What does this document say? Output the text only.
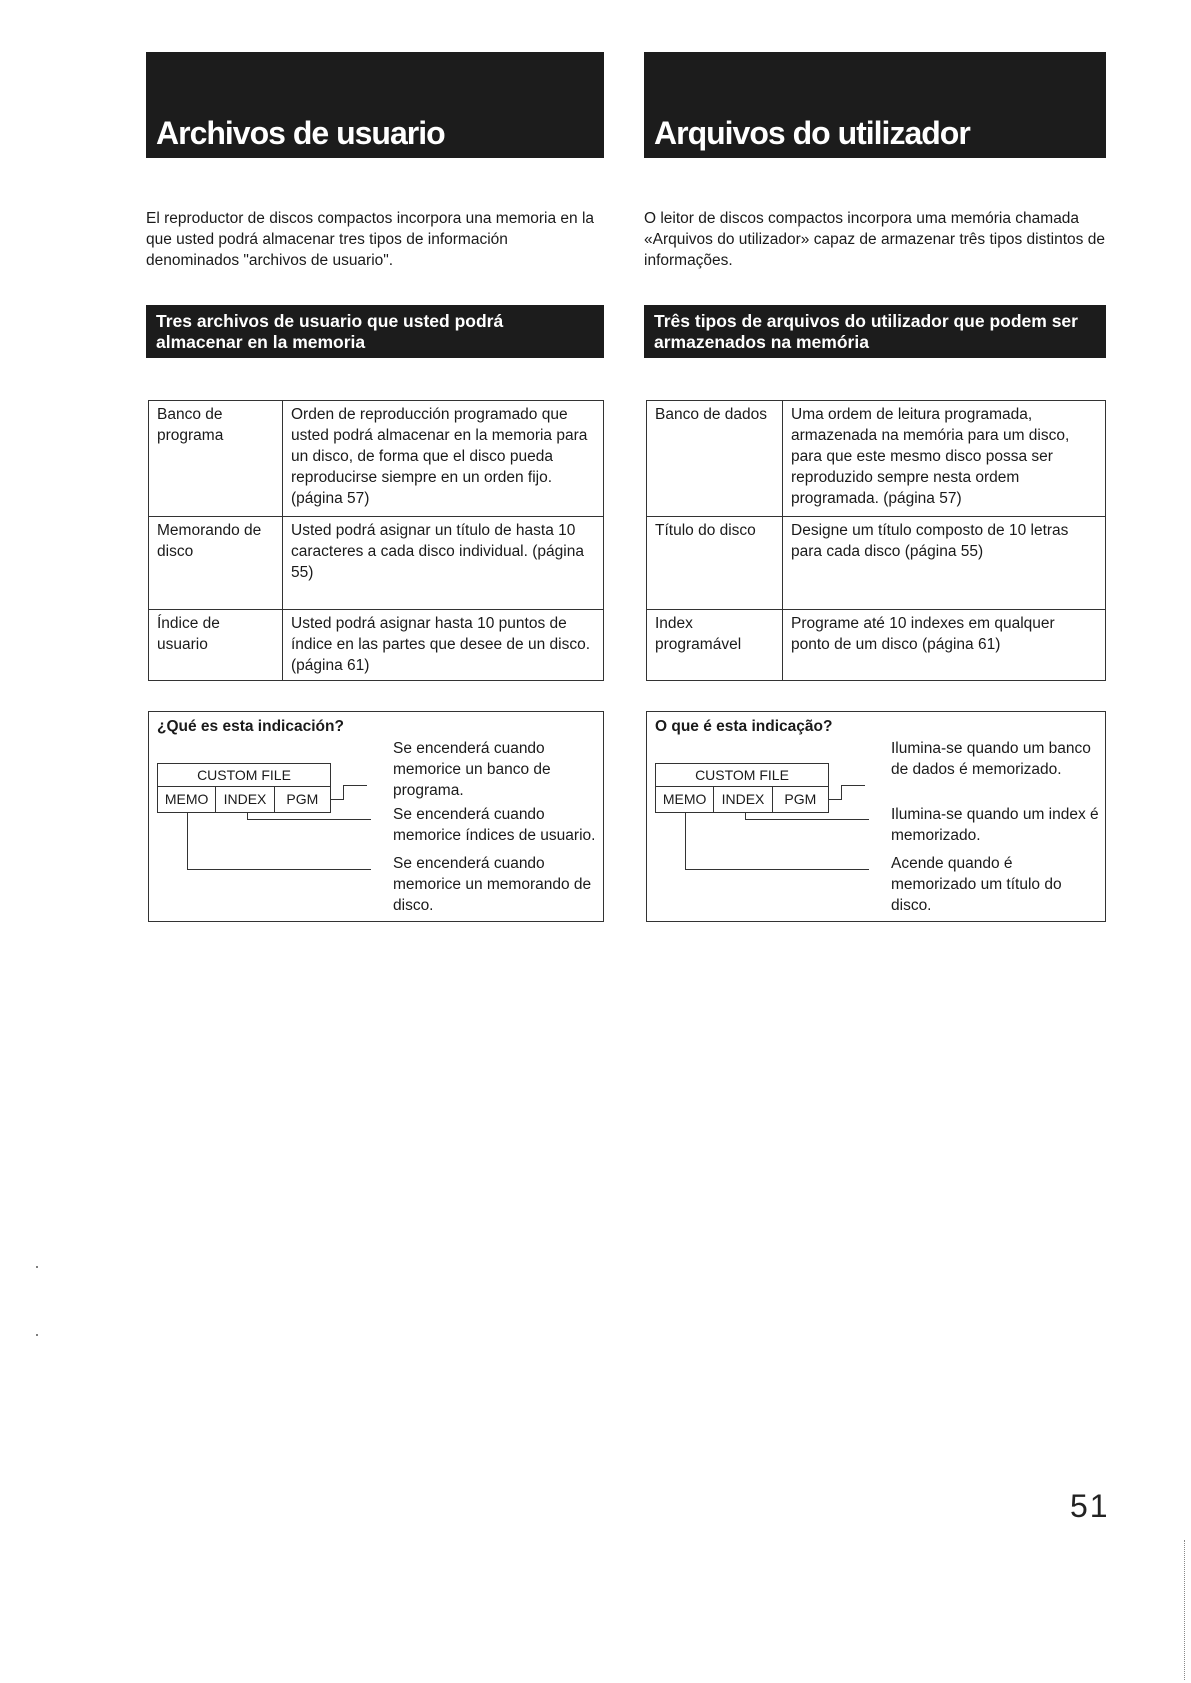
Archivos de usuario
El reproductor de discos compactos incorpora una memoria en la que usted podrá almacenar tres tipos de información denominados "archivos de usuario".
Tres archivos de usuario que usted podrá almacenar en la memoria
Banco de programa	Orden de reproducción programado que usted podrá almacenar en la memoria para un disco, de forma que el disco pueda reproducirse siempre en un orden fijo. (página 57)
Memorando de disco	Usted podrá asignar un título de hasta 10 caracteres a cada disco individual. (página 55)
Índice de usuario	Usted podrá asignar hasta 10 puntos de índice en las partes que desee de un disco. (página 61)
¿Qué es esta indicación?
CUSTOM FILE
MEMO	INDEX	PGM
Se encenderá cuando memorice un banco de programa.
Se encenderá cuando memorice índices de usuario.
Se encenderá cuando memorice un memorando de disco.
Arquivos do utilizador
O leitor de discos compactos incorpora uma memória chamada «Arquivos do utilizador» capaz de armazenar três tipos distintos de informações.
Três tipos de arquivos do utilizador que podem ser armazenados na memória
Banco de dados	Uma ordem de leitura programada, armazenada na memória para um disco, para que este mesmo disco possa ser reproduzido sempre nesta ordem programada. (página 57)
Título do disco	Designe um título composto de 10 letras para cada disco (página 55)
Index programável	Programe até 10 indexes em qualquer ponto de um disco (página 61)
O que é esta indicação?
CUSTOM FILE
MEMO	INDEX	PGM
Ilumina-se quando um banco de dados é memorizado.
Ilumina-se quando um index é memorizado.
Acende quando é memorizado um título do disco.
51
